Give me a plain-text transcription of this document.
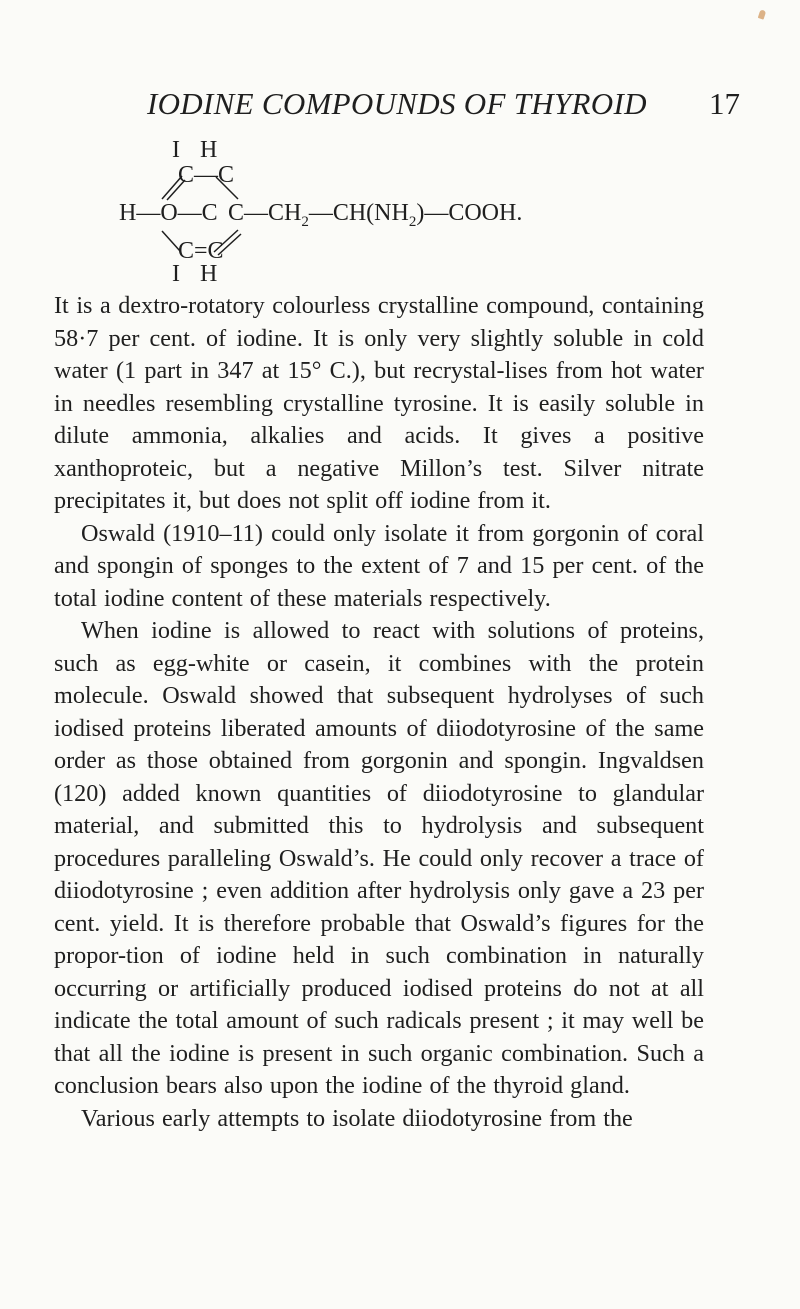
IODINE COMPOUNDS OF THYROID 17
I H
C—C
H—O—C C $—CH_2—CH(NH_2)—COOH$.
C=C
I H

It is a dextro-rotatory colourless crystalline compound, containing 58·7 per cent. of iodine. It is only very slightly soluble in cold water (1 part in 347 at 15° C.), but recrystal-lises from hot water in needles resembling crystalline tyrosine. It is easily soluble in dilute ammonia, alkalies and acids. It gives a positive xanthoproteic, but a negative Millon’s test. Silver nitrate precipitates it, but does not split off iodine from it.

Oswald (1910–11) could only isolate it from gorgonin of coral and spongin of sponges to the extent of 7 and 15 per cent. of the total iodine content of these materials respectively.

When iodine is allowed to react with solutions of proteins, such as egg-white or casein, it combines with the protein molecule. Oswald showed that subsequent hydrolyses of such iodised proteins liberated amounts of diiodotyrosine of the same order as those obtained from gorgonin and spongin. Ingvaldsen (120) added known quantities of diiodotyrosine to glandular material, and submitted this to hydrolysis and subsequent procedures paralleling Oswald’s. He could only recover a trace of diiodotyrosine ; even addition after hydrolysis only gave a 23 per cent. yield. It is therefore probable that Oswald’s figures for the propor-tion of iodine held in such combination in naturally occurring or artificially produced iodised proteins do not at all indicate the total amount of such radicals present ; it may well be that all the iodine is present in such organic combination. Such a conclusion bears also upon the iodine of the thyroid gland.

Various early attempts to isolate diiodotyrosine from the
